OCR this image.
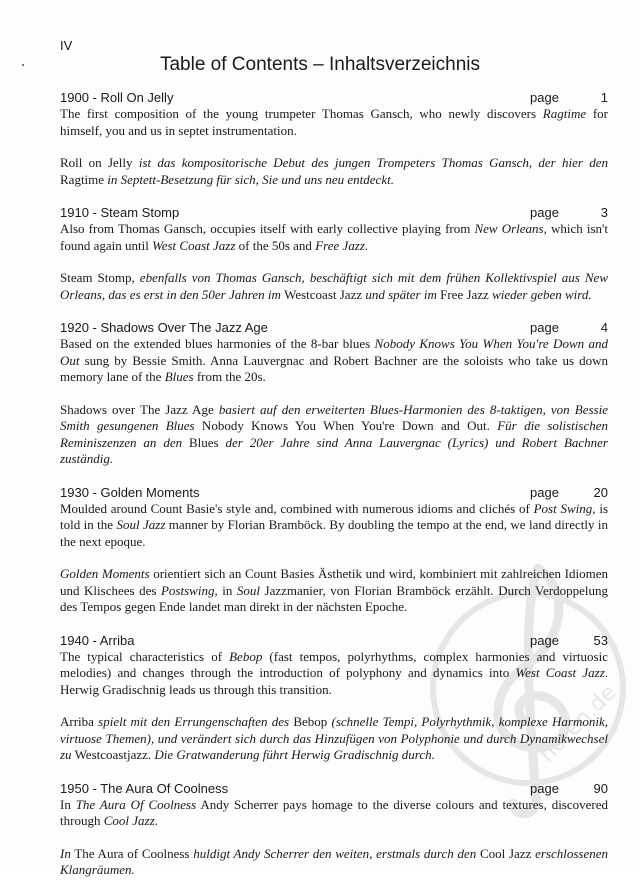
IV
Table of Contents – Inhaltsverzeichnis
noten.de
1900 - Roll On Jelly	page	1

The first composition of the young trumpeter Thomas Gansch, who newly discovers Ragtime for himself, you and us in septet instrumentation.

Roll on Jelly ist das kompositorische Debut des jungen Trompeters Thomas Gansch, der hier den Ragtime in Septett-Besetzung für sich, Sie und uns neu entdeckt.

1910 - Steam Stomp	page	3

Also from Thomas Gansch, occupies itself with early collective playing from New Orleans, which isn't found again until West Coast Jazz of the 50s and Free Jazz.

Steam Stomp, ebenfalls von Thomas Gansch, beschäftigt sich mit dem frühen Kollektivspiel aus New Orleans, das es erst in den 50er Jahren im Westcoast Jazz und später im Free Jazz wieder geben wird.

1920 - Shadows Over The Jazz Age	page	4

Based on the extended blues harmonies of the 8-bar blues Nobody Knows You When You're Down and Out sung by Bessie Smith. Anna Lauvergnac and Robert Bachner are the soloists who take us down memory lane of the Blues from the 20s.

Shadows over The Jazz Age basiert auf den erweiterten Blues-Harmonien des 8-taktigen, von Bessie Smith gesungenen Blues Nobody Knows You When You're Down and Out. Für die solistischen Reminiszenzen an den Blues der 20er Jahre sind Anna Lauvergnac (Lyrics) und Robert Bachner zuständig.

1930 - Golden Moments	page	20

Moulded around Count Basie's style and, combined with numerous idioms and clichés of Post Swing, is told in the Soul Jazz manner by Florian Bramböck. By doubling the tempo at the end, we land directly in the next epoque.

Golden Moments orientiert sich an Count Basies Ästhetik und wird, kombiniert mit zahlreichen Idiomen und Klischees des Postswing, in Soul Jazzmanier, von Florian Bramböck erzählt. Durch Verdoppelung des Tempos gegen Ende landet man direkt in der nächsten Epoche.

1940 - Arriba	page	53

The typical characteristics of Bebop (fast tempos, polyrhythms, complex harmonies and virtuosic melodies) and changes through the introduction of polyphony and dynamics into West Coast Jazz. Herwig Gradischnig leads us through this transition.

Arriba spielt mit den Errungenschaften des Bebop (schnelle Tempi, Polyrhythmik, komplexe Harmonik, virtuose Themen), und verändert sich durch das Hinzufügen von Polyphonie und durch Dynamikwechsel zu Westcoastjazz. Die Gratwanderung führt Herwig Gradischnig durch.

1950 - The Aura Of Coolness	page	90

In The Aura Of Coolness Andy Scherrer pays homage to the diverse colours and textures, discovered through Cool Jazz.

In The Aura of Coolness huldigt Andy Scherrer den weiten, erstmals durch den Cool Jazz erschlossenen Klangräumen.
